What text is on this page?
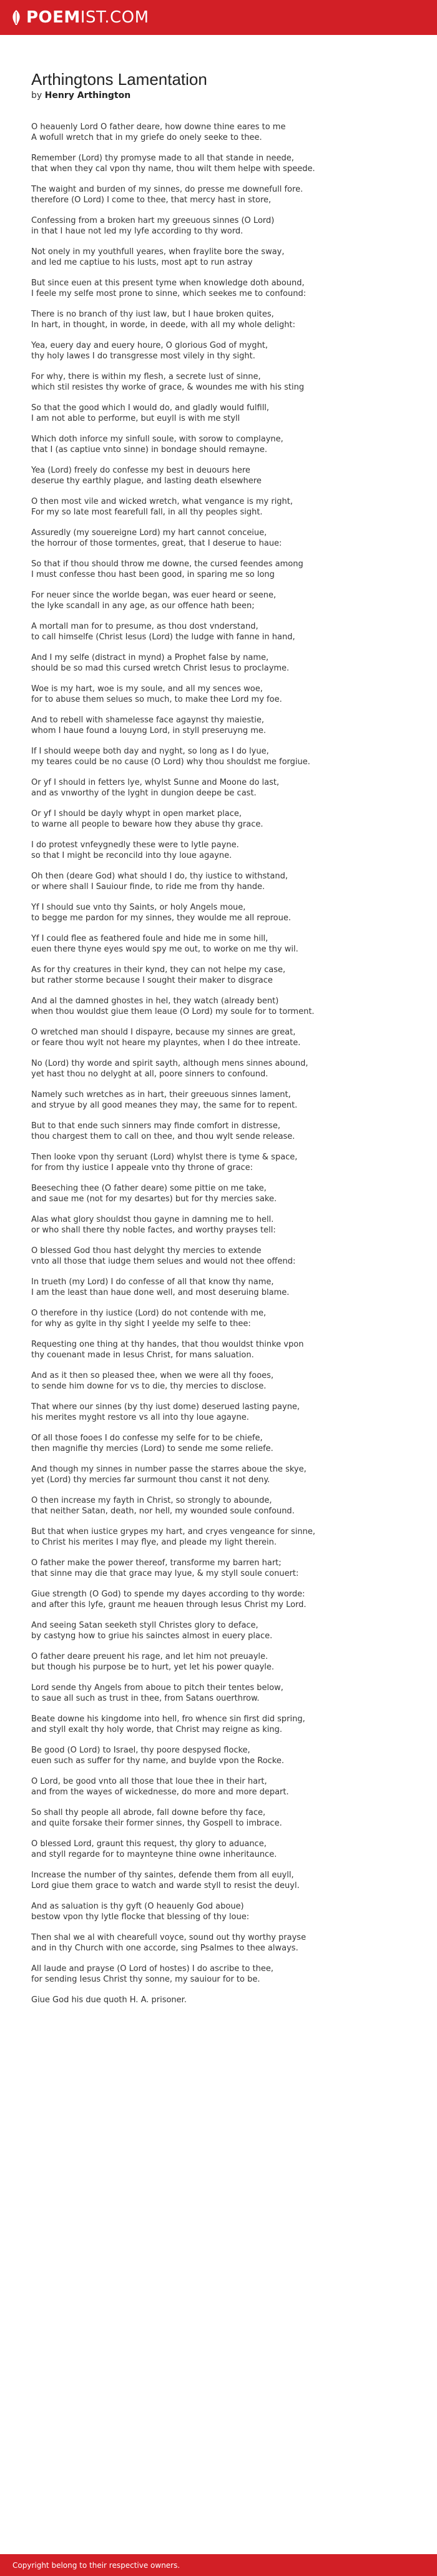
POEMIST.COM
Arthingtons Lamentation
by Henry Arthington
O heauenly Lord O father deare, how downe thine eares to me
A wofull wretch that in my griefe do onely seeke to thee.
Remember (Lord) thy promyse made to all that stande in neede,
that when they cal vpon thy name, thou wilt them helpe with speede.
The waight and burden of my sinnes, do presse me downefull fore.
therefore (O Lord) I come to thee, that mercy hast in store,
Confessing from a broken hart my greeuous sinnes (O Lord)
in that I haue not led my lyfe according to thy word.
Not onely in my youthfull yeares, when fraylite bore the sway,
and led me captiue to his lusts, most apt to run astray
But since euen at this present tyme when knowledge doth abound,
I feele my selfe most prone to sinne, which seekes me to confound:
There is no branch of thy iust law, but I haue broken quites,
In hart, in thought, in worde, in deede, with all my whole delight:
Yea, euery day and euery houre, O glorious God of myght,
thy holy lawes I do transgresse most vilely in thy sight.
For why, there is within my flesh, a secrete lust of sinne,
which stil resistes thy worke of grace, & woundes me with his sting
So that the good which I would do, and gladly would fulfill,
I am not able to performe, but euyll is with me styll
Which doth inforce my sinfull soule, with sorow to complayne,
that I (as captiue vnto sinne) in bondage should remayne.
Yea (Lord) freely do confesse my best in deuours here
deserue thy earthly plague, and lasting death elsewhere
O then most vile and wicked wretch, what vengance is my right,
For my so late most fearefull fall, in all thy peoples sight.
Assuredly (my souereigne Lord) my hart cannot conceiue,
the horrour of those tormentes, great, that I deserue to haue:
So that if thou should throw me downe, the cursed feendes among
I must confesse thou hast been good, in sparing me so long
For neuer since the worlde began, was euer heard or seene,
the lyke scandall in any age, as our offence hath been;
A mortall man for to presume, as thou dost vnderstand,
to call himselfe (Christ Iesus (Lord) the ludge with fanne in hand,
And I my selfe (distract in mynd) a Prophet false by name,
should be so mad this cursed wretch Christ Iesus to proclayme.
Woe is my hart, woe is my soule, and all my sences woe,
for to abuse them selues so much, to make thee Lord my foe.
And to rebell with shamelesse face agaynst thy maiestie,
whom I haue found a louyng Lord, in styll preseruyng me.
If I should weepe both day and nyght, so long as I do lyue,
my teares could be no cause (O Lord) why thou shouldst me forgiue.
Or yf I should in fetters lye, whylst Sunne and Moone do last,
and as vnworthy of the lyght in dungion deepe be cast.
Or yf I should be dayly whypt in open market place,
to warne all people to beware how they abuse thy grace.
I do protest vnfeygnedly these were to lytle payne.
so that I might be reconcild into thy loue agayne.
Oh then (deare God) what should I do, thy iustice to withstand,
or where shall I Sauiour finde, to ride me from thy hande.
Yf I should sue vnto thy Saints, or holy Angels moue,
to begge me pardon for my sinnes, they woulde me all reproue.
Yf I could flee as feathered foule and hide me in some hill,
euen there thyne eyes would spy me out, to worke on me thy wil.
As for thy creatures in their kynd, they can not helpe my case,
but rather storme because I sought their maker to disgrace
And al the damned ghostes in hel, they watch (already bent)
when thou wouldst giue them leaue (O Lord) my soule for to torment.
O wretched man should I dispayre, because my sinnes are great,
or feare thou wylt not heare my playntes, when I do thee intreate.
No (Lord) thy worde and spirit sayth, although mens sinnes abound,
yet hast thou no delyght at all, poore sinners to confound.
Namely such wretches as in hart, their greeuous sinnes lament,
and stryue by all good meanes they may, the same for to repent.
But to that ende such sinners may finde comfort in distresse,
thou chargest them to call on thee, and thou wylt sende release.
Then looke vpon thy seruant (Lord) whylst there is tyme & space,
for from thy iustice I appeale vnto thy throne of grace:
Beeseching thee (O father deare) some pittie on me take,
and saue me (not for my desartes) but for thy mercies sake.
Alas what glory shouldst thou gayne in damning me to hell.
or who shall there thy noble factes, and worthy prayses tell:
O blessed God thou hast delyght thy mercies to extende
vnto all those that iudge them selues and would not thee offend:
In trueth (my Lord) I do confesse of all that know thy name,
I am the least than haue done well, and most deseruing blame.
O therefore in thy iustice (Lord) do not contende with me,
for why as gylte in thy sight I yeelde my selfe to thee:
Requesting one thing at thy handes, that thou wouldst thinke vpon
thy couenant made in Iesus Christ, for mans saluation.
And as it then so pleased thee, when we were all thy fooes,
to sende him downe for vs to die, thy mercies to disclose.
That where our sinnes (by thy iust dome) deserued lasting payne,
his merites myght restore vs all into thy loue agayne.
Of all those fooes I do confesse my selfe for to be chiefe,
then magnifie thy mercies (Lord) to sende me some reliefe.
And though my sinnes in number passe the starres aboue the skye,
yet (Lord) thy mercies far surmount thou canst it not deny.
O then increase my fayth in Christ, so strongly to abounde,
that neither Satan, death, nor hell, my wounded soule confound.
But that when iustice grypes my hart, and cryes vengeance for sinne,
to Christ his merites I may flye, and pleade my light therein.
O father make the power thereof, transforme my barren hart;
that sinne may die that grace may lyue, & my styll soule conuert:
Giue strength (O God) to spende my dayes according to thy worde:
and after this lyfe, graunt me heauen through Iesus Christ my Lord.
And seeing Satan seeketh styll Christes glory to deface,
by castyng how to griue his sainctes almost in euery place.
O father deare preuent his rage, and let him not preuayle.
but though his purpose be to hurt, yet let his power quayle.
Lord sende thy Angels from aboue to pitch their tentes below,
to saue all such as trust in thee, from Satans ouerthrow.
Beate downe his kingdome into hell, fro whence sin first did spring,
and styll exalt thy holy worde, that Christ may reigne as king.
Be good (O Lord) to Israel, thy poore despysed flocke,
euen such as suffer for thy name, and buylde vpon the Rocke.
O Lord, be good vnto all those that loue thee in their hart,
and from the wayes of wickednesse, do more and more depart.
So shall thy people all abrode, fall downe before thy face,
and quite forsake their former sinnes, thy Gospell to imbrace.
O blessed Lord, graunt this request, thy glory to aduance,
and styll regarde for to maynteyne thine owne inheritaunce.
Increase the number of thy saintes, defende them from all euyll,
Lord giue them grace to watch and warde styll to resist the deuyl.
And as saluation is thy gyft (O heauenly God aboue)
bestow vpon thy lytle flocke that blessing of thy loue:
Then shal we al with chearefull voyce, sound out thy worthy prayse
and in thy Church with one accorde, sing Psalmes to thee always.
All laude and prayse (O Lord of hostes) I do ascribe to thee,
for sending Iesus Christ thy sonne, my sauiour for to be.
Giue God his due quoth H. A. prisoner.
Copyright belong to their respective owners.
